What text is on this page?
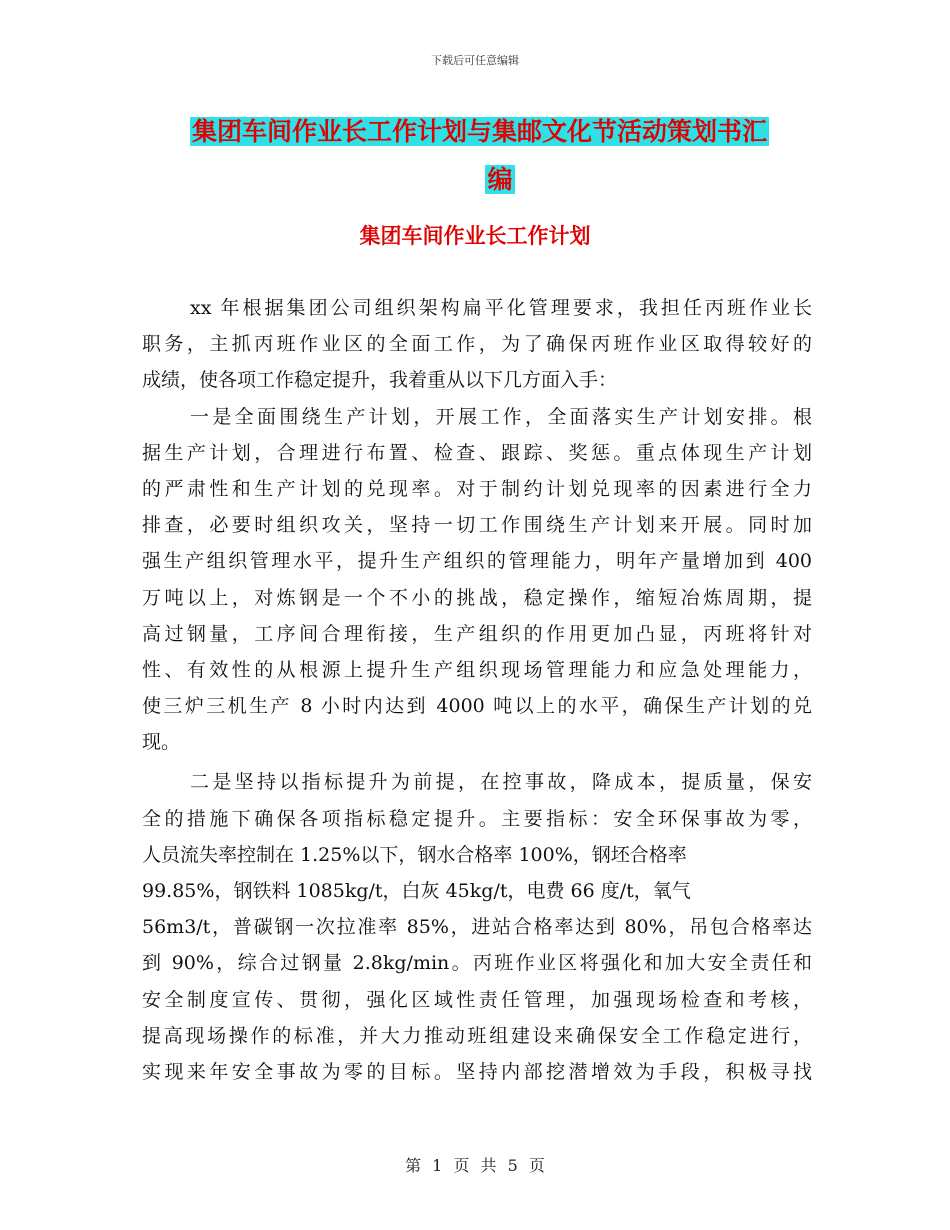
下载后可任意编辑
集团车间作业长工作计划与集邮文化节活动策划书汇
编
集团车间作业长工作计划
xx 年根据集团公司组织架构扁平化管理要求，我担任丙班作业长
职务，主抓丙班作业区的全面工作，为了确保丙班作业区取得较好的
成绩，使各项工作稳定提升，我着重从以下几方面入手：
一是全面围绕生产计划，开展工作，全面落实生产计划安排。根
据生产计划，合理进行布置、检查、跟踪、奖惩。重点体现生产计划
的严肃性和生产计划的兑现率。对于制约计划兑现率的因素进行全力
排查，必要时组织攻关，坚持一切工作围绕生产计划来开展。同时加
强生产组织管理水平，提升生产组织的管理能力，明年产量增加到 400
万吨以上，对炼钢是一个不小的挑战，稳定操作，缩短冶炼周期，提
高过钢量，工序间合理衔接，生产组织的作用更加凸显，丙班将针对
性、有效性的从根源上提升生产组织现场管理能力和应急处理能力，
使三炉三机生产 8 小时内达到 4000 吨以上的水平，确保生产计划的兑
现。
二是坚持以指标提升为前提，在控事故，降成本，提质量，保安
全的措施下确保各项指标稳定提升。主要指标：安全环保事故为零，
人员流失率控制在 1.25%以下，钢水合格率 100%，钢坯合格率
99.85%，钢铁料 1085kg/t，白灰 45kg/t，电费 66 度/t，氧气
56m3/t，普碳钢一次拉准率 85%，进站合格率达到 80%，吊包合格率达
到 90%，综合过钢量 2.8kg/min。丙班作业区将强化和加大安全责任和
安全制度宣传、贯彻，强化区域性责任管理，加强现场检查和考核，
提高现场操作的标准，并大力推动班组建设来确保安全工作稳定进行，
实现来年安全事故为零的目标。坚持内部挖潜增效为手段，积极寻找
第 1 页 共 5 页
